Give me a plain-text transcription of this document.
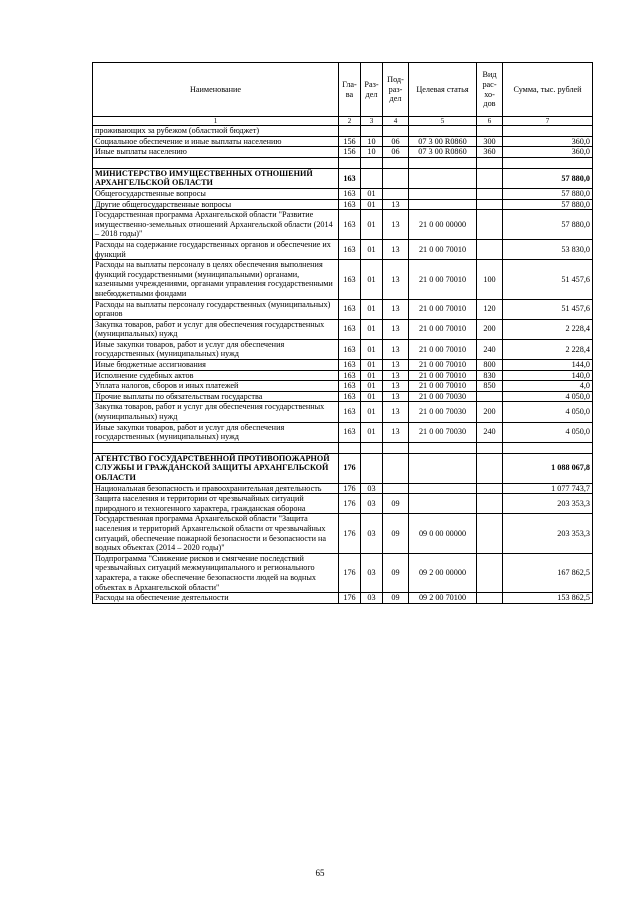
Наименование	Гла-ва	Раз-дел	Под-раз-дел	Целевая статья	Вид рас-хо-дов	Сумма, тыс. рублей
1	2	3	4	5	6	7
проживающих за рубежом (областной бюджет)						
Социальное обеспечение и иные выплаты населению	156	10	06	07 3 00 R0860	300	360,0
Иные выплаты населению	156	10	06	07 3 00 R0860	360	360,0

МИНИСТЕРСТВО ИМУЩЕСТВЕННЫХ ОТНОШЕНИЙ АРХАНГЕЛЬСКОЙ ОБЛАСТИ	163					57 880,0
Общегосударственные вопросы	163	01				57 880,0
Другие общегосударственные вопросы	163	01	13			57 880,0
Государственная программа Архангельской области "Развитие имущественно-земельных отношений Архангельской области (2014 – 2018 годы)"	163	01	13	21 0 00 00000		57 880,0
Расходы на содержание государственных органов и обеспечение их функций	163	01	13	21 0 00 70010		53 830,0
Расходы на выплаты персоналу в целях обеспечения выполнения функций государственными (муниципальными) органами, казенными учреждениями, органами управления государственными внебюджетными фондами	163	01	13	21 0 00 70010	100	51 457,6
Расходы на выплаты персоналу государственных (муниципальных) органов	163	01	13	21 0 00 70010	120	51 457,6
Закупка товаров, работ и услуг для обеспечения государственных (муниципальных) нужд	163	01	13	21 0 00 70010	200	2 228,4
Иные закупки товаров, работ и услуг для обеспечения государственных (муниципальных) нужд	163	01	13	21 0 00 70010	240	2 228,4
Иные бюджетные ассигнования	163	01	13	21 0 00 70010	800	144,0
Исполнение судебных актов	163	01	13	21 0 00 70010	830	140,0
Уплата налогов, сборов и иных платежей	163	01	13	21 0 00 70010	850	4,0
Прочие выплаты по обязательствам государства	163	01	13	21 0 00 70030		4 050,0
Закупка товаров, работ и услуг для обеспечения государственных (муниципальных) нужд	163	01	13	21 0 00 70030	200	4 050,0
Иные закупки товаров, работ и услуг для обеспечения государственных (муниципальных) нужд	163	01	13	21 0 00 70030	240	4 050,0

АГЕНТСТВО ГОСУДАРСТВЕННОЙ ПРОТИВОПОЖАРНОЙ СЛУЖБЫ И ГРАЖДАНСКОЙ ЗАЩИТЫ АРХАНГЕЛЬСКОЙ ОБЛАСТИ	176					1 088 067,8
Национальная безопасность и правоохранительная деятельность	176	03				1 077 743,7
Защита населения и территории от чрезвычайных ситуаций природного и техногенного характера, гражданская оборона	176	03	09			203 353,3
Государственная программа Архангельской области "Защита населения и территорий Архангельской области от чрезвычайных ситуаций, обеспечение пожарной безопасности и безопасности на водных объектах (2014 – 2020 годы)"	176	03	09	09 0 00 00000		203 353,3
Подпрограмма "Снижение рисков и смягчение последствий чрезвычайных ситуаций межмуниципального и регионального характера, а также обеспечение безопасности людей на водных объектах в Архангельской области"	176	03	09	09 2 00 00000		167 862,5
Расходы на обеспечение деятельности	176	03	09	09 2 00 70100		153 862,5
65
